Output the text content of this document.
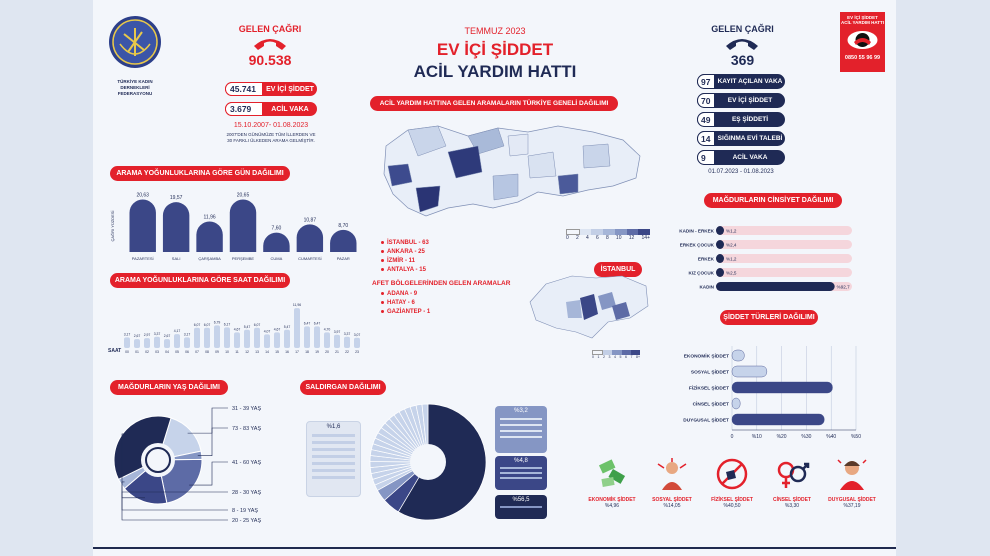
TÜRKİYE KADIN DERNEKLERİ FEDERASYONU
EV İÇİ ŞİDDET
ACİL YARDIM HATTI
0850 55 96 99
TEMMUZ 2023
EV İÇİ ŞİDDET
ACİL YARDIM HATTI
GELEN ÇAĞRI
90.538
45.741	EV İÇİ ŞİDDET
3.679	ACİL VAKA
15.10.2007- 01.08.2023
2007'DEN GÜNÜMÜZE TÜM İLLERDEN VE 30 FARKLI ÜLKEDEN ARAMA GELMİŞTİR.
GELEN ÇAĞRI
369
97	KAYIT AÇILAN VAKA
70	EV İÇİ ŞİDDET
49	EŞ ŞİDDETİ
14	SIĞINMA EVİ TALEBİ
9	ACİL VAKA
01.07.2023 - 01.08.2023
ARAMA YOĞUNLUKLARINA GÖRE GÜN DAĞILIMI
ARAMA YOĞUNLUKLARINA GÖRE SAAT DAĞILIMI
ACİL YARDIM HATTINA GELEN ARAMALARIN TÜRKİYE GENELİ DAĞILIMI
MAĞDURLARIN CİNSİYET DAĞILIMI
ŞİDDET TÜRLERİ DAĞILIMI
MAĞDURLARIN YAŞ DAĞILIMI	SALDIRGAN DAĞILIMI
İSTANBUL
ÇAĞRI YÜZDESİ
20,63
PAZARTESİ
19,57
SALI
11,96
ÇARŞAMBA
20,65
PERŞEMBE
7,60
CUMA
10,87
CUMARTESİ
8,70
PAZAR
SAAT
3,17
00
2,67
01
2,97
02
3,37
03
2,67
04
4,17
05
3,17
06
6,07
07
6,07
08
6,79
09
6,17
10
4,67
11
5,47
12
6,07
13
4,07
14
4,67
15
5,47
16
11,96
17
6,47
18
6,47
19
4,70
20
3,97
21
3,37
22
3,07
23
0 2 4 6 8 10 12 14+
İSTANBUL - 63
ANKARA - 25
İZMİR - 11
ANTALYA - 15
AFET BÖLGELERİNDEN GELEN ARAMALAR
ADANA - 9
HATAY - 6
GAZİANTEP - 1
0 1 2 3 4 5 6 7 8+
KADIN - ERKEK	%1,2
ERKEK ÇOCUK	%2,4
ERKEK	%1,2
KIZ ÇOCUK	%2,5
KADIN	%92,7
0	%10	%20	%30	%40	%50
EKONOMİK ŞİDDET
SOSYAL ŞİDDET
FİZİKSEL ŞİDDET
CİNSEL ŞİDDET
DUYGUSAL ŞİDDET
31 - 39 YAŞ
73 - 83 YAŞ
41 - 60 YAŞ
28 - 30 YAŞ
8 - 19 YAŞ
20 - 25 YAŞ
%1,6
%3,2
%4,8
%56,5	EKONOMİK ŞİDDET
%4,96
SOSYAL ŞİDDET
%14,05
FİZİKSEL ŞİDDET
%40,50
CİNSEL ŞİDDET
%3,30
DUYGUSAL ŞİDDET
%37,19
